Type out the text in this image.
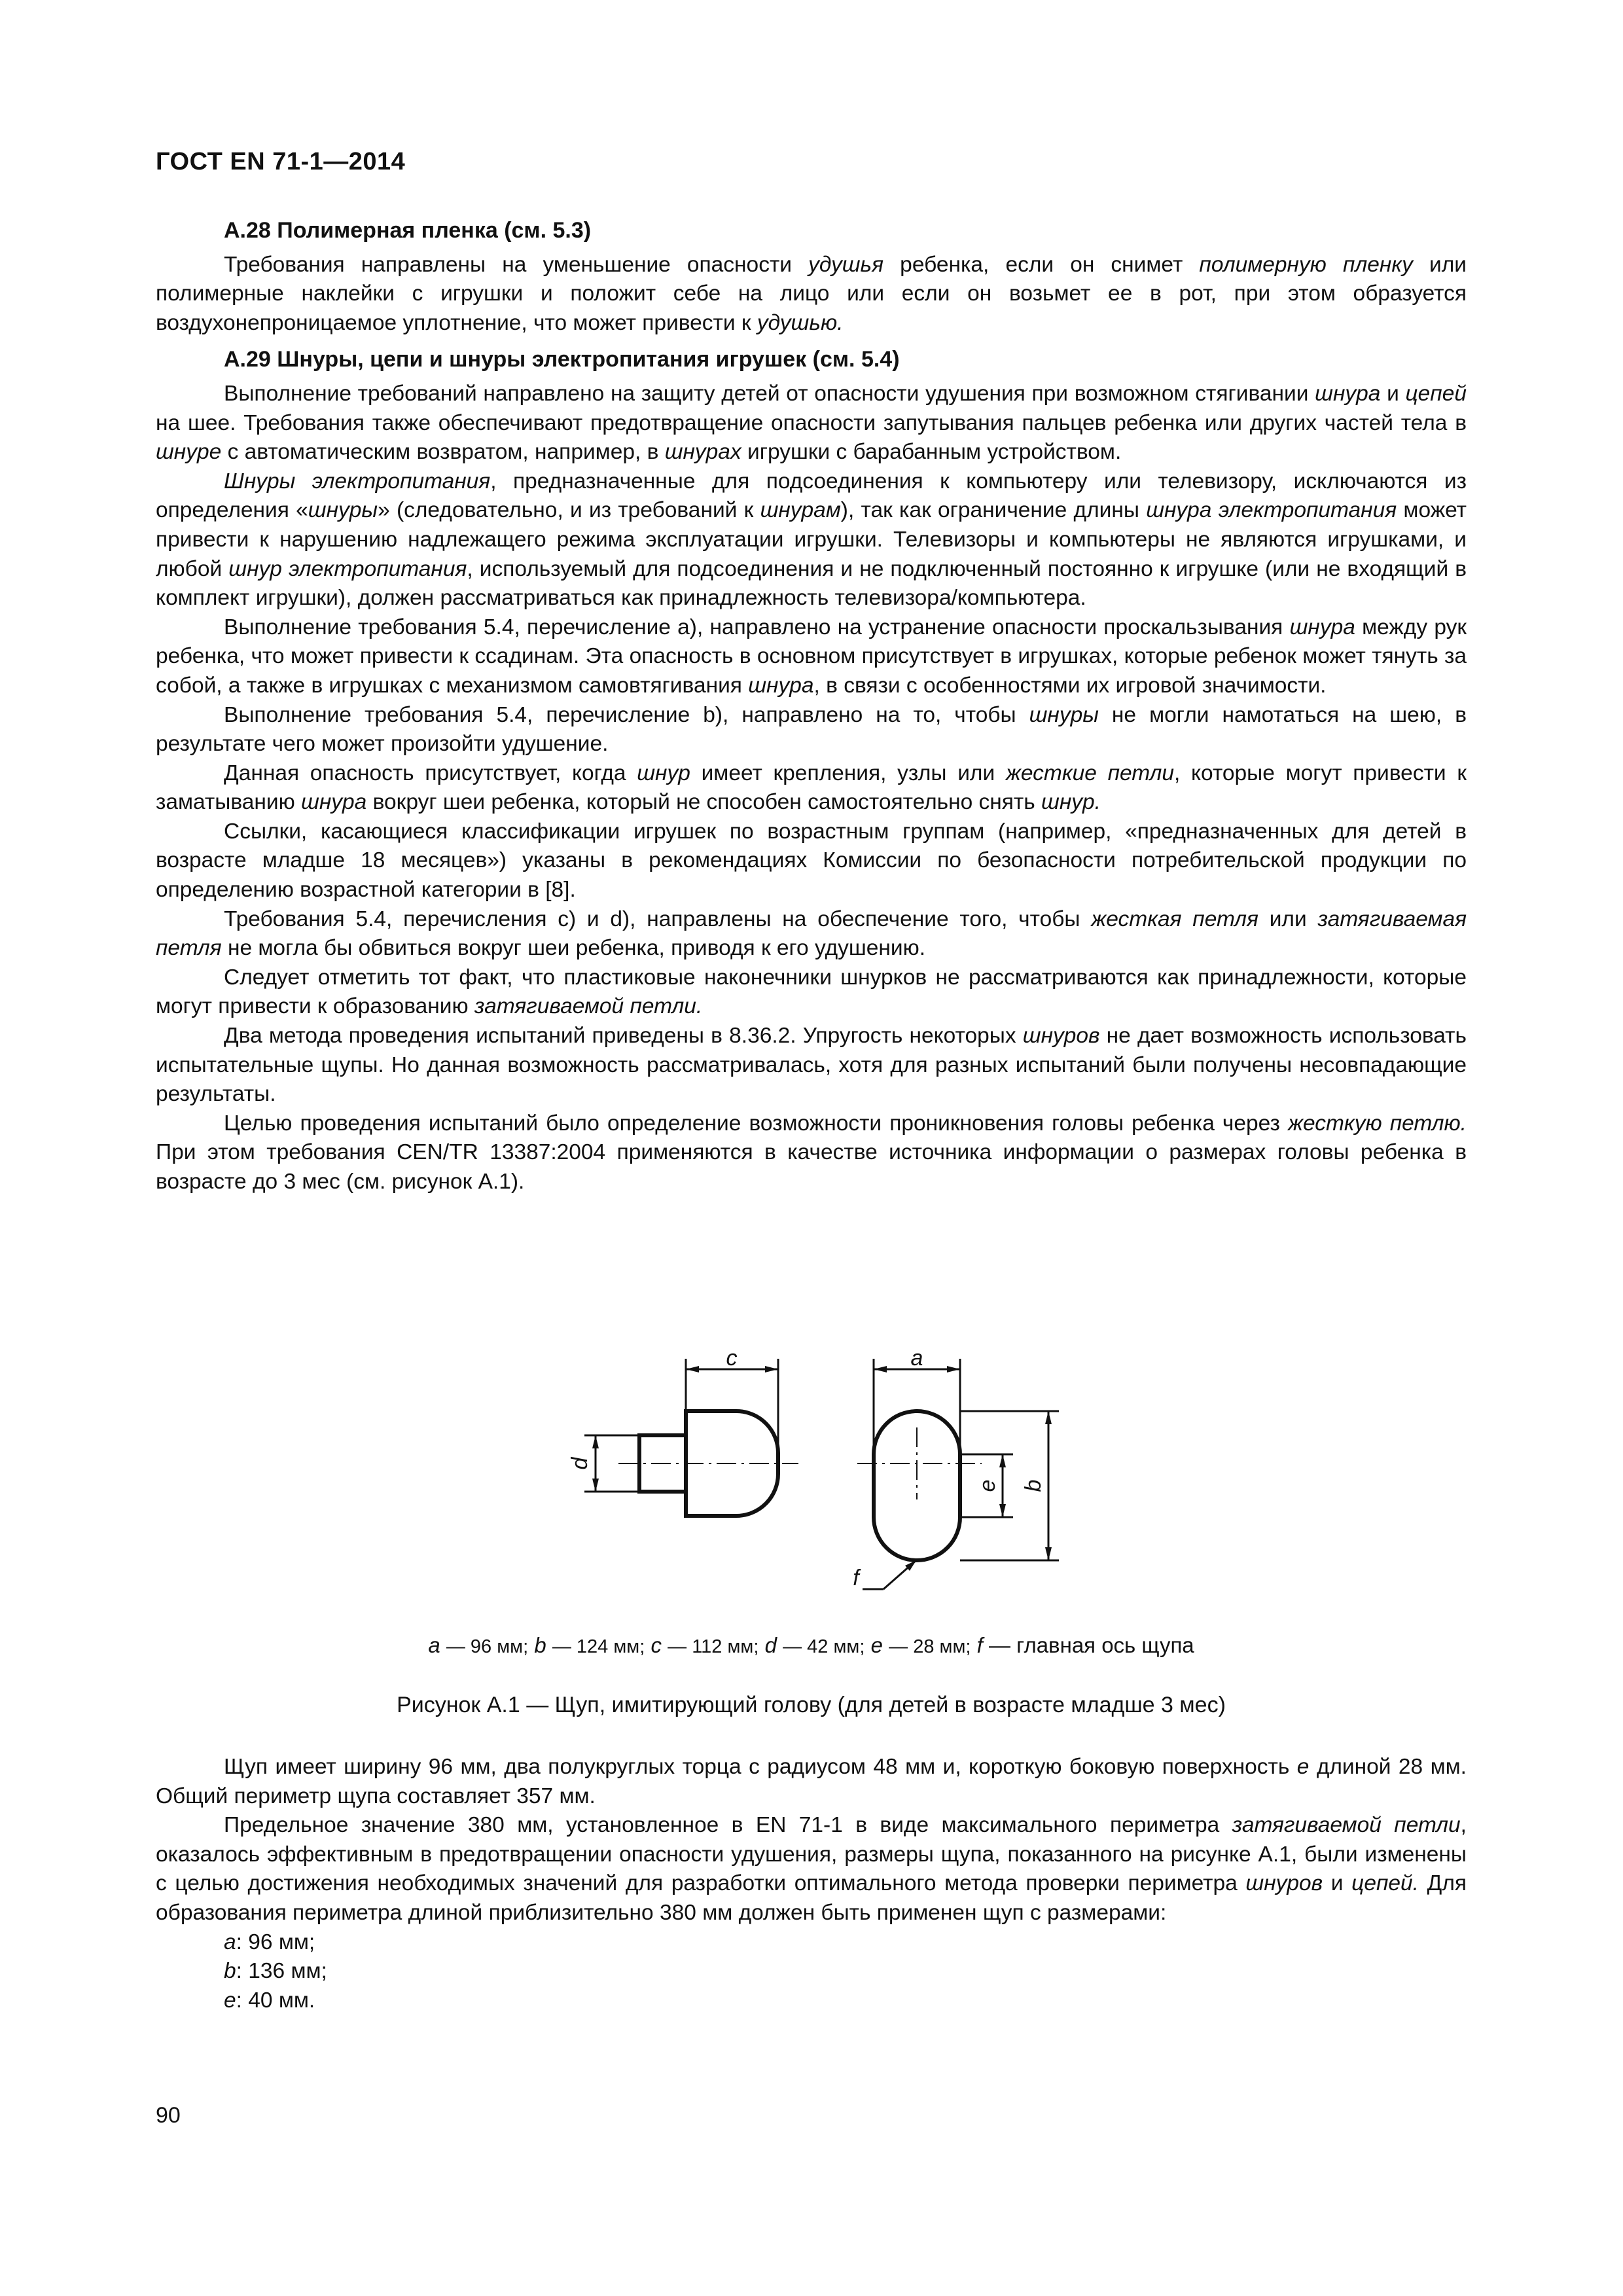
ГОСТ EN 71-1—2014
А.28 Полимерная пленка (см. 5.3)

Требования направлены на уменьшение опасности удушья ребенка, если он снимет полимерную пленку или полимерные наклейки с игрушки и положит себе на лицо или если он возьмет ее в рот, при этом образуется воздухонепроницаемое уплотнение, что может привести к удушью.

А.29 Шнуры, цепи и шнуры электропитания игрушек (см. 5.4)

Выполнение требований направлено на защиту детей от опасности удушения при возможном стягивании шнура и цепей на шее. Требования также обеспечивают предотвращение опасности запутывания пальцев ребенка или других частей тела в шнуре с автоматическим возвратом, например, в шнурах игрушки с барабанным устройством.

Шнуры электропитания, предназначенные для подсоединения к компьютеру или телевизору, исключаются из определения «шнуры» (следовательно, и из требований к шнурам), так как ограничение длины шнура электропитания может привести к нарушению надлежащего режима эксплуатации игрушки. Телевизоры и компьютеры не являются игрушками, и любой шнур электропитания, используемый для подсоединения и не подключенный постоянно к игрушке (или не входящий в комплект игрушки), должен рассматриваться как принадлежность телевизора/компьютера.

Выполнение требования 5.4, перечисление a), направлено на устранение опасности проскальзывания шнура между рук ребенка, что может привести к ссадинам. Эта опасность в основном присутствует в игрушках, которые ребенок может тянуть за собой, а также в игрушках с механизмом самовтягивания шнура, в связи с особенностями их игровой значимости.

Выполнение требования 5.4, перечисление b), направлено на то, чтобы шнуры не могли намотаться на шею, в результате чего может произойти удушение.

Данная опасность присутствует, когда шнур имеет крепления, узлы или жесткие петли, которые могут привести к заматыванию шнура вокруг шеи ребенка, который не способен самостоятельно снять шнур.

Ссылки, касающиеся классификации игрушек по возрастным группам (например, «предназначенных для детей в возрасте младше 18 месяцев») указаны в рекомендациях Комиссии по безопасности потребительской продукции по определению возрастной категории в [8].

Требования 5.4, перечисления c) и d), направлены на обеспечение того, чтобы жесткая петля или затягиваемая петля не могла бы обвиться вокруг шеи ребенка, приводя к его удушению.

Следует отметить тот факт, что пластиковые наконечники шнурков не рассматриваются как принадлежности, которые могут привести к образованию затягиваемой петли.

Два метода проведения испытаний приведены в 8.36.2. Упругость некоторых шнуров не дает возможность использовать испытательные щупы. Но данная возможность рассматривалась, хотя для разных испытаний были получены несовпадающие результаты.

Целью проведения испытаний было определение возможности проникновения головы ребенка через жесткую петлю. При этом требования CEN/TR 13387:2004 применяются в качестве источника информации о размерах головы ребенка в возрасте до 3 мес (см. рисунок А.1).

c	a
d
e b
f
a — 96 мм; b — 124 мм; c — 112 мм; d — 42 мм; e — 28 мм; f — главная ось щупа
Рисунок А.1 — Щуп, имитирующий голову (для детей в возрасте младше 3 мес)

Щуп имеет ширину 96 мм, два полукруглых торца с радиусом 48 мм и, короткую боковую поверхность e длиной 28 мм. Общий периметр щупа составляет 357 мм.

Предельное значение 380 мм, установленное в EN 71-1 в виде максимального периметра затягиваемой петли, оказалось эффективным в предотвращении опасности удушения, размеры щупа, показанного на рисунке А.1, были изменены с целью достижения необходимых значений для разработки оптимального метода проверки периметра шнуров и цепей. Для образования периметра длиной приблизительно 380 мм должен быть применен щуп с размерами:

a: 96 мм;
b: 136 мм;
e: 40 мм.
90
